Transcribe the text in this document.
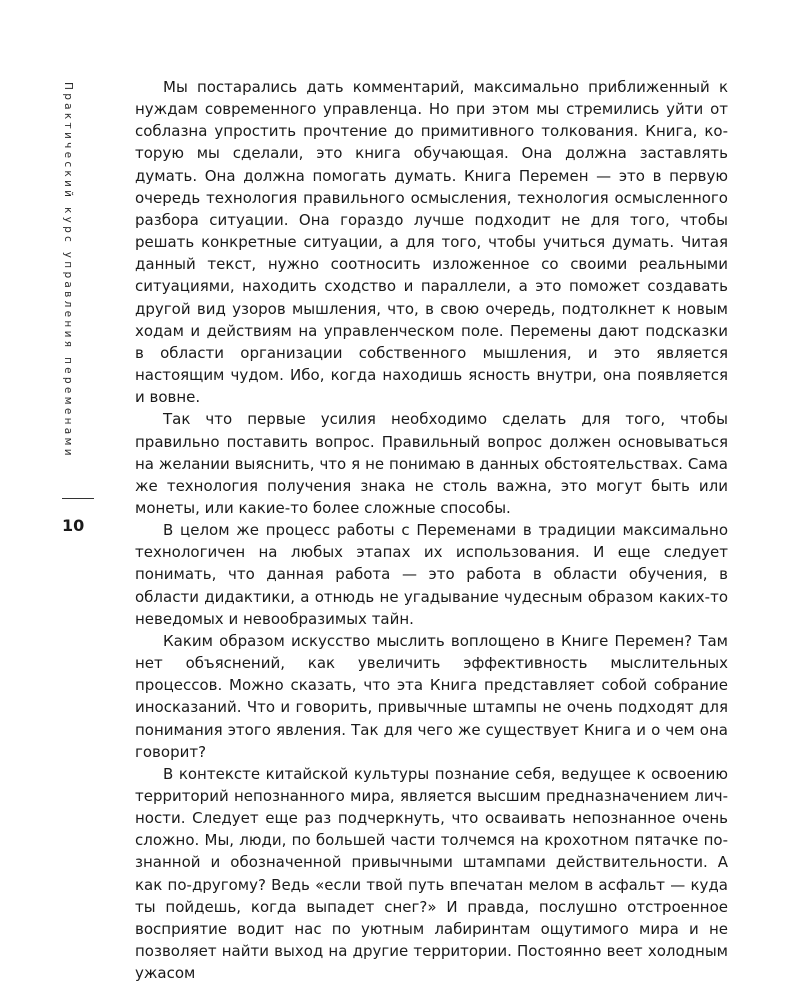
Практический курс управления переменами
10

Мы постарались дать комментарий, максимально приближенный к нуждам современного управленца. Но при этом мы стремились уйти от соблазна упростить прочтение до примитивного толкования. Книга, которую мы сделали, это книга обучающая. Она должна заставлять думать. Она должна помогать думать. Книга Перемен — это в первую очередь технология правильного осмысления, технология осмысленного разбора ситуации. Она гораздо лучше подходит не для того, чтобы решать конкретные ситуации, а для того, чтобы учиться думать. Читая данный текст, нужно соотносить изложенное со своими реальными ситуациями, находить сходство и параллели, а это поможет создавать другой вид узоров мышления, что, в свою очередь, подтолкнет к новым ходам и действиям на управленческом поле. Перемены дают подсказки в области организации собственного мышления, и это является настоящим чудом. Ибо, когда находишь ясность внутри, она появляется и вовне.

Так что первые усилия необходимо сделать для того, чтобы правильно поставить вопрос. Правильный вопрос должен основываться на желании выяснить, что я не понимаю в данных обстоятельствах. Сама же технология получения знака не столь важна, это могут быть или монеты, или какие-то более сложные способы.

В целом же процесс работы с Переменами в традиции максимально технологичен на любых этапах их использования. И еще следует понимать, что данная работа — это работа в области обучения, в области дидактики, а отнюдь не угадывание чудесным образом каких-то неведомых и невообразимых тайн.

Каким образом искусство мыслить воплощено в Книге Перемен? Там нет объяснений, как увеличить эффективность мыслительных процессов. Можно сказать, что эта Книга представляет собой собрание иносказаний. Что и говорить, привычные штампы не очень подходят для понимания этого явления. Так для чего же существует Книга и о чем она говорит?

В контексте китайской культуры познание себя, ведущее к освоению территорий непознанного мира, является высшим предназначением личности. Следует еще раз подчеркнуть, что осваивать непознанное очень сложно. Мы, люди, по большей части толчемся на крохотном пятачке познанной и обозначенной привычными штампами действительности. А как по-другому? Ведь «если твой путь впечатан мелом в асфальт — куда ты пойдешь, когда выпадет снег?» И правда, послушно отстроенное восприятие водит нас по уютным лабиринтам ощутимого мира и не позволяет найти выход на другие территории. Постоянно веет холодным ужасом
